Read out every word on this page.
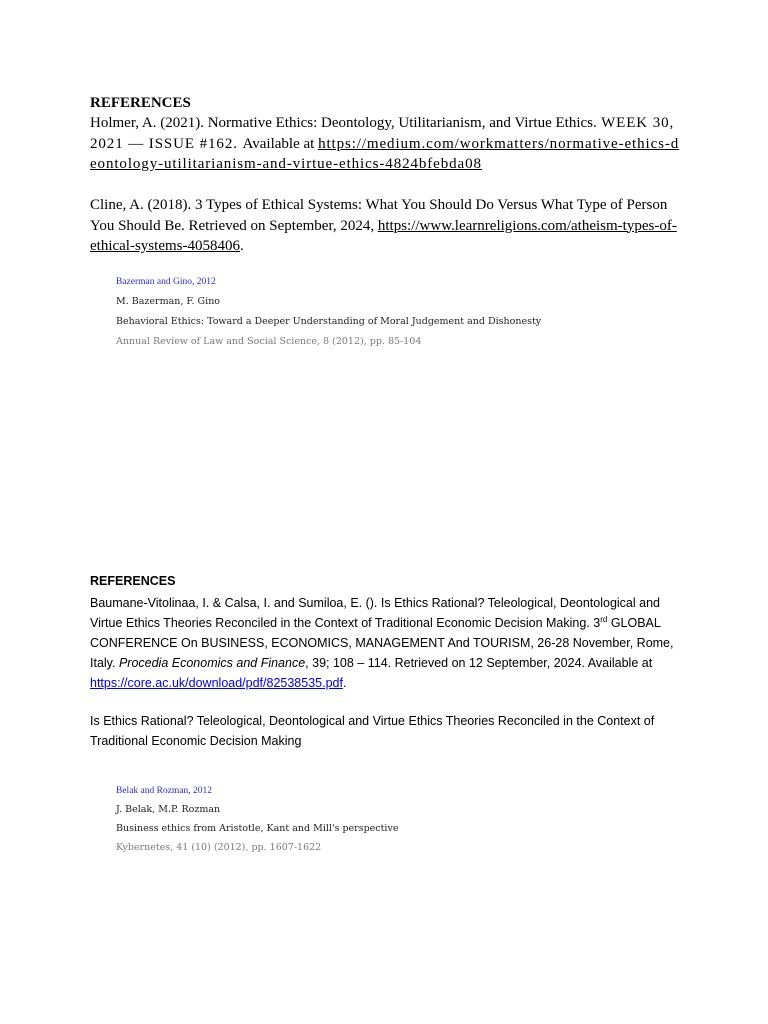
REFERENCES

Holmer, A. (2021). Normative Ethics: Deontology, Utilitarianism, and Virtue Ethics. WEEK 30, 2021 — ISSUE #162. Available at https://medium.com/workmatters/normative-ethics-deontology-utilitarianism-and-virtue-ethics-4824bfebda08

Cline, A. (2018). 3 Types of Ethical Systems: What You Should Do Versus What Type of Person You Should Be. Retrieved on September, 2024, https://www.learnreligions.com/atheism-types-of-ethical-systems-4058406.

Bazerman and Gino, 2012

M. Bazerman, F. Gino

Behavioral Ethics: Toward a Deeper Understanding of Moral Judgement and Dishonesty

Annual Review of Law and Social Science, 8 (2012), pp. 85-104

REFERENCES

Baumane-Vitolinaa, I. & Calsa, I. and Sumiloa, E. (). Is Ethics Rational? Teleological, Deontological and Virtue Ethics Theories Reconciled in the Context of Traditional Economic Decision Making. 3rd GLOBAL CONFERENCE On BUSINESS, ECONOMICS, MANAGEMENT And TOURISM, 26-28 November, Rome, Italy. Procedia Economics and Finance, 39; 108 – 114. Retrieved on 12 September, 2024. Available at https://core.ac.uk/download/pdf/82538535.pdf.

Is Ethics Rational? Teleological, Deontological and Virtue Ethics Theories Reconciled in the Context of Traditional Economic Decision Making

Belak and Rozman, 2012

J. Belak, M.P. Rozman

Business ethics from Aristotle, Kant and Mill's perspective

Kybernetes, 41 (10) (2012), pp. 1607-1622
